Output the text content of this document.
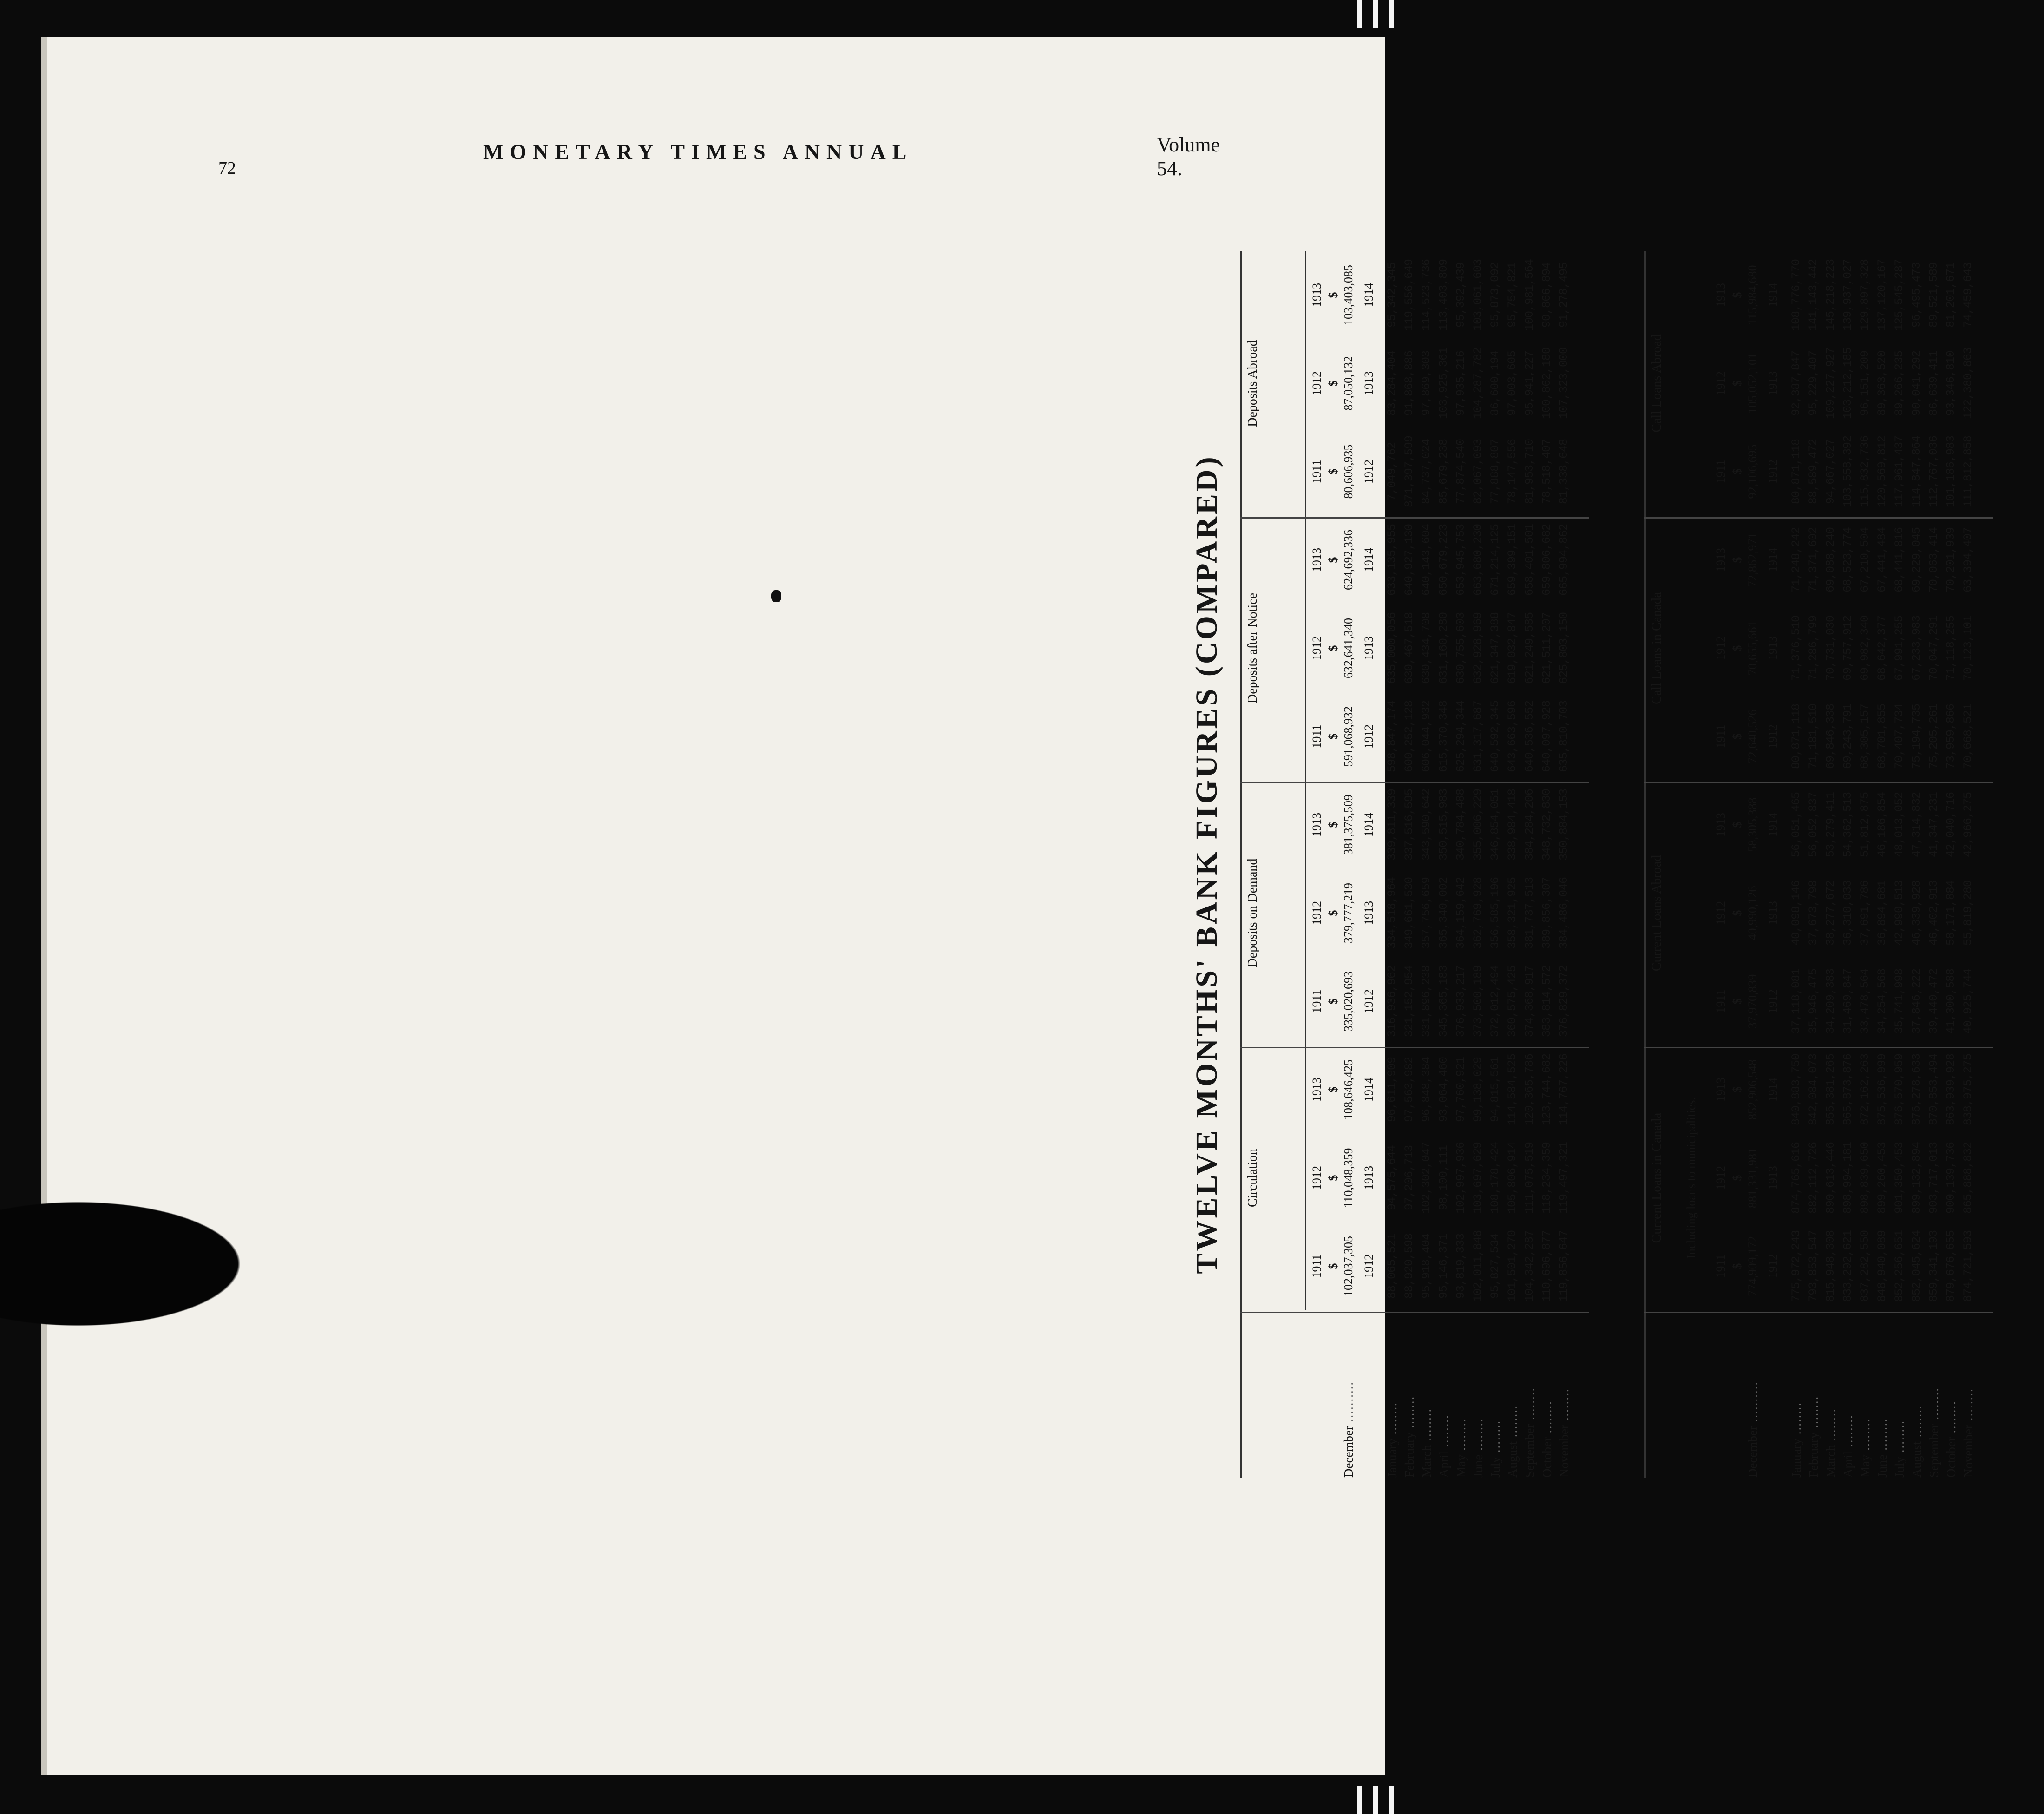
72
MONETARY TIMES ANNUAL	Volume 54.
TWELVE MONTHS' BANK FIGURES (COMPARED)
December ..........
January ........
February ........
March ........
April ........
May ........
June ........
July ........
August ........
September ........
October ........
November ........
Circulation
1911 $ 102,037,305 1912 88,065,521 88,920,598 95,918,404 95,146,371 93,819,333 102,011,848 95,827,534 101,501,270 104,342,287 110,696,877 119,856,647
1912 $ 110,048,359 1913 94,575,644 97,206,713 102,302,047 98,100,111 102,997,936 103,697,629 108,178,424 105,806,914 111,075,519 118,234,359 119,497,321
1913 $ 108,646,425 1914 96,611,909 97,563,982 96,848,384 93,064,460 97,760,921 99,138,029 94,815,561 114,584,525 120,365,786 123,744,682 114,767,226
Deposits on Demand
1911 $ 335,020,693 1912 316,936,962 321,152,954 331,896,238 345,365,183 376,933,217 373,500,189 372,012,494 360,575,425 374,368,917 383,814,572 376,829,372
1912 $ 379,777,219 1913 334,518,964 349,661,530 357,756,659 365,340,002 364,159,642 362,769,928 356,585,196 358,321,925 381,737,513 389,856,307 384,486,046
1913 $ 381,375,509 1914 339,811,339 337,516,595 343,590,642 350,515,983 340,784,488 355,006,229 346,854,051 338,984,418 384,284,206 348,732,830 350,884,153
Deposits after Notice
1911 $ 591,068,932 1912 598,847,174 600,252,128 606,044,932 615,370,348 625,294,344 631,317,687 640,592,345 643,663,596 640,536,552 640,097,928 635,810,703
1912 $ 632,641,340 1913 635,000,056 630,467,518 630,434,708 631,160,280 630,755,603 632,928,969 621,347,388 619,032,847 621,249,585 621,511,207 625,803,150
1913 $ 624,692,336 1914 633,135,955 640,927,130 640,143,604 650,679,223 653,945,753 663,680,230 671,214,125 659,399,151 658,401,501 659,806,682 665,994,862
Deposits Abroad
1911 $ 80,606,935 1912 7,049,762 871,397,599 84,737,024 85,679,238 77,874,540 82,067,093 77,888,807 78,147,556 81,953,710 78,518,407 81,338,648
1912 $ 87,050,132 1913 83,284,404 91,868,886 97,869,303 103,925,361 97,935,216 104,287,782 86,600,194 97,003,605 95,941,227 100,862,180 107,323,000
1913 $ 103,403,085 1914 95,342,345 119,556,649 114,523,736 113,403,809 95,392,439 103,061,603 95,873,092 95,754,821 100,981,564 90,866,894 91,278,495
December ..........
January ........
February ........
March ........
April ........
May ........
June ........
July ........
August ........
September ........
October ........
November ........
Current Loans in Canada Including loans to municipalities.
1911 $ 774,909,172 1912 775,972,243 793,853,547 815,948,308 833,292,621 837,282,550 848,940,089 852,256,651 852,045,624 859,341,193 879,676,655 874,721,593
1912 $ 881,331,981 1913 874,765,616 882,112,726 890,613,446 898,994,181 898,839,650 899,260,453 901,350,453 899,132,894 903,717,013 900,139,736 865,888,832
1913 $ 852,906,548 1914 840,883,750 842,084,073 855,381,265 865,873,876 872,162,263 875,536,999 876,570,959 876,278,633 870,853,494 863,939,928 838,975,275
Current Loans Abroad
1911 $ 37,970,839 1912 37,118,081 35,946,475 34,209,383 31,469,847 33,478,564 34,254,568 35,741,998 37,846,222 39,440,472 41,300,588 40,925,744
1912 $ 40,990,126 1913 40,098,146 37,673,798 38,277,672 36,310,033 37,691,786 36,894,681 42,990,513 46,339,928 46,402,913 58,171,884 55,819,280
1913 $ 58,305,388 1914 56,051,465 56,052,837 53,279,411 54,362,513 51,812,875 46,186,854 48,013,052 47,314,832 41,347,231 42,040,716 42,966,275
Call Loans in Canada
1911 $ 72,640,526 1912 80,871,118 71,181,510 69,846,338 69,243,791 68,305,157 68,701,855 70,407,734 75,194,735 75,205,261 73,959,866 70,668,521
1912 $ 70,655,661 1913 71,376,510 71,286,799 70,731,030 69,757,912 69,982,340 68,642,377 67,991,255 67,233,983 70,047,291 71,118,255 70,123,101
1913 $ 72,862,971 1914 71,248,242 71,371,602 69,088,240 68,523,774 67,210,504 67,441,484 68,441,816 69,229,045 70,063,414 70,201,939 63,394,407
Call Loans Abroad
1911 $ 92,106,695 1912 80,871,118 88,589,472 94,667,027 103,558,392 115,832,736 120,569,812 117,961,437 114,847,864 112,767,036 101,186,983 111,812,858
1912 $ 105,052,101 1913 92,387,847 95,229,407 109,227,927 103,212,185 96,151,209 89,363,520 89,266,235 90,041,292 86,639,411 93,346,810 122,380,863
1913 $ 115,984,680 1914 108,776,770 141,143,442 145,218,223 139,937,027 129,897,328 137,120,167 125,545,287 96,495,473 89,521,589 81,201,671 74,459,643
